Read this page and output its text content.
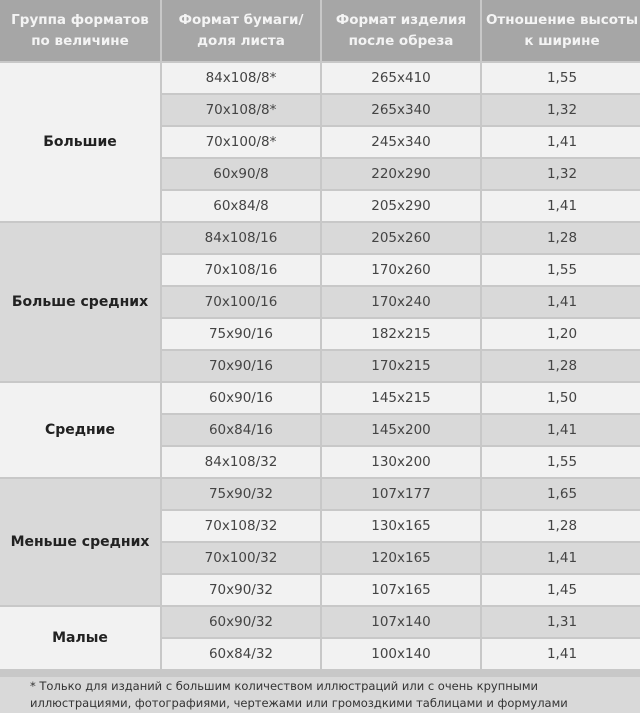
Группа форматов по величине	Формат бумаги/ доля листа	Формат изделия после обреза	Отношение высоты к ширине
Большие	84x108/8*	265x410	1,55
	70x108/8*	265x340	1,32
	70x100/8*	245x340	1,41
	60x90/8	220x290	1,32
	60x84/8	205x290	1,41
Больше средних	84x108/16	205x260	1,28
	70x108/16	170x260	1,55
	70x100/16	170x240	1,41
	75x90/16	182x215	1,20
	70x90/16	170x215	1,28
Средние	60x90/16	145x215	1,50
	60x84/16	145x200	1,41
	84x108/32	130x200	1,55
Меньше средних	75x90/32	107x177	1,65
	70x108/32	130x165	1,28
	70x100/32	120x165	1,41
	70x90/32	107x165	1,45
Малые	60x90/32	107x140	1,31
	60x84/32	100x140	1,41
* Только для изданий с большим количеством иллюстраций или с очень крупными иллюстрациями, фотографиями, чертежами или громоздкими таблицами и формулами
